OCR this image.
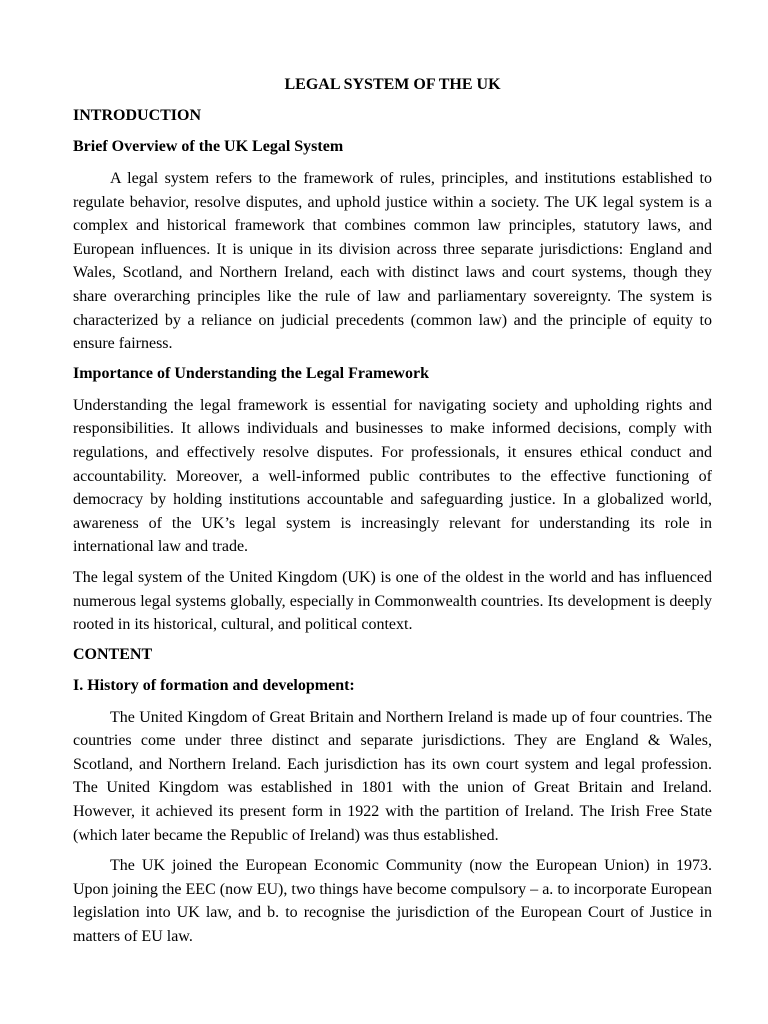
LEGAL SYSTEM OF THE UK
INTRODUCTION
Brief Overview of the UK Legal System

A legal system refers to the framework of rules, principles, and institutions established to regulate behavior, resolve disputes, and uphold justice within a society. The UK legal system is a complex and historical framework that combines common law principles, statutory laws, and European influences. It is unique in its division across three separate jurisdictions: England and Wales, Scotland, and Northern Ireland, each with distinct laws and court systems, though they share overarching principles like the rule of law and parliamentary sovereignty. The system is characterized by a reliance on judicial precedents (common law) and the principle of equity to ensure fairness.

Importance of Understanding the Legal Framework

Understanding the legal framework is essential for navigating society and upholding rights and responsibilities. It allows individuals and businesses to make informed decisions, comply with regulations, and effectively resolve disputes. For professionals, it ensures ethical conduct and accountability. Moreover, a well-informed public contributes to the effective functioning of democracy by holding institutions accountable and safeguarding justice. In a globalized world, awareness of the UK’s legal system is increasingly relevant for understanding its role in international law and trade.

The legal system of the United Kingdom (UK) is one of the oldest in the world and has influenced numerous legal systems globally, especially in Commonwealth countries. Its development is deeply rooted in its historical, cultural, and political context.

CONTENT
I. History of formation and development:

The United Kingdom of Great Britain and Northern Ireland is made up of four countries. The countries come under three distinct and separate jurisdictions. They are England & Wales, Scotland, and Northern Ireland. Each jurisdiction has its own court system and legal profession. The United Kingdom was established in 1801 with the union of Great Britain and Ireland. However, it achieved its present form in 1922 with the partition of Ireland. The Irish Free State (which later became the Republic of Ireland) was thus established.

The UK joined the European Economic Community (now the European Union) in 1973. Upon joining the EEC (now EU), two things have become compulsory – a. to incorporate European legislation into UK law, and b. to recognise the jurisdiction of the European Court of Justice in matters of EU law.
